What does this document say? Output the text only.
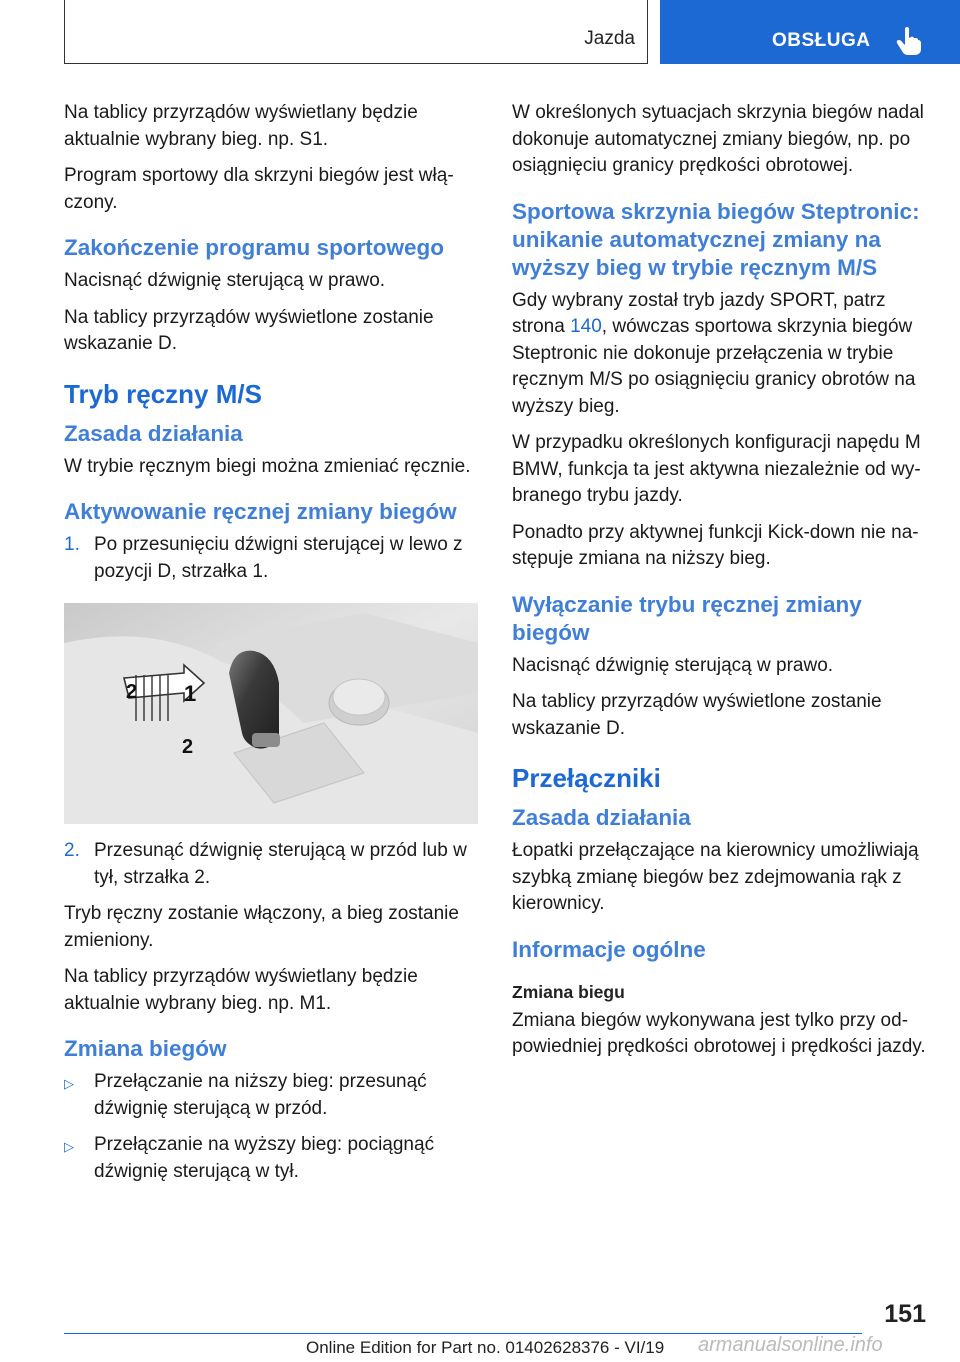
Jazda	OBSŁUGA

Na tablicy przyrządów wyświetlany będzie aktualnie wybrany bieg. np. S1.

Program sportowy dla skrzyni biegów jest włączony.

Zakończenie programu sportowego

Nacisnąć dźwignię sterującą w prawo.

Na tablicy przyrządów wyświetlone zostanie wskazanie D.

Tryb ręczny M/S
Zasada działania

W trybie ręcznym biegi można zmieniać ręcznie.

Aktywowanie ręcznej zmiany biegów
1. Po przesunięciu dźwigni sterującej w lewo z pozycji D, strzałka 1.
1
2
2
2. Przesunąć dźwignię sterującą w przód lub w tył, strzałka 2.

Tryb ręczny zostanie włączony, a bieg zostanie zmieniony.

Na tablicy przyrządów wyświetlany będzie aktualnie wybrany bieg. np. M1.

Zmiana biegów
▷	Przełączanie na niższy bieg: przesunąć dźwignię sterującą w przód.
▷	Przełączanie na wyższy bieg: pociągnąć dźwignię sterującą w tył.

W określonych sytuacjach skrzynia biegów nadal dokonuje automatycznej zmiany biegów, np. po osiągnięciu granicy prędkości obrotowej.

Sportowa skrzynia biegów Steptronic: unikanie automatycznej zmiany na wyższy bieg w trybie ręcznym M/S

Gdy wybrany został tryb jazdy SPORT, patrz strona 140, wówczas sportowa skrzynia biegów Steptronic nie dokonuje przełączenia w trybie ręcznym M/S po osiągnięciu granicy obrotów na wyższy bieg.

W przypadku określonych konfiguracji napędu M BMW, funkcja ta jest aktywna niezależnie od wybranego trybu jazdy.

Ponadto przy aktywnej funkcji Kick-down nie następuje zmiana na niższy bieg.

Wyłączanie trybu ręcznej zmiany biegów

Nacisnąć dźwignię sterującą w prawo.

Na tablicy przyrządów wyświetlone zostanie wskazanie D.

Przełączniki
Zasada działania

Łopatki przełączające na kierownicy umożliwiają szybką zmianę biegów bez zdejmowania rąk z kierownicy.

Informacje ogólne
Zmiana biegu

Zmiana biegów wykonywana jest tylko przy odpowiedniej prędkości obrotowej i prędkości jazdy.

151
Online Edition for Part no. 01402628376 - VI/19 armanualsonline.info
